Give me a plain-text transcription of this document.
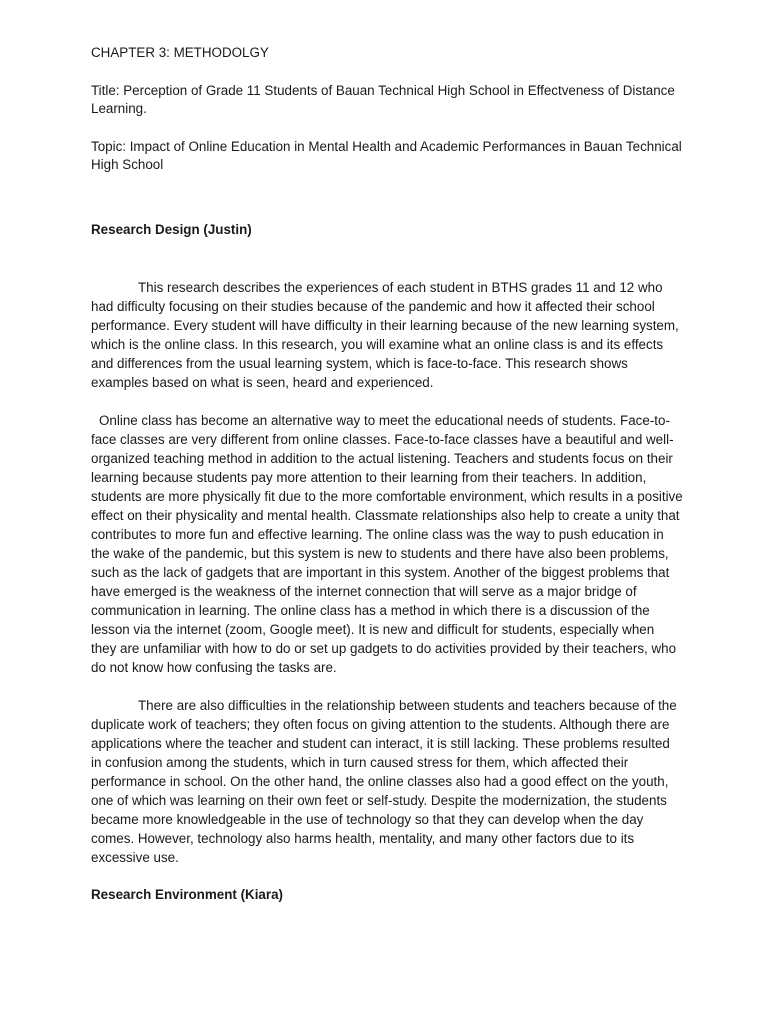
CHAPTER 3: METHODOLGY

Title: Perception of Grade 11 Students of Bauan Technical High School in Effectveness of Distance Learning.

Topic: Impact of Online Education in Mental Health and Academic Performances in Bauan Technical High School

Research Design (Justin)

This research describes the experiences of each student in BTHS grades 11 and 12 who had difficulty focusing on their studies because of the pandemic and how it affected their school performance. Every student will have difficulty in their learning because of the new learning system, which is the online class. In this research, you will examine what an online class is and its effects and differences from the usual learning system, which is face-to-face. This research shows examples based on what is seen, heard and experienced.

Online class has become an alternative way to meet the educational needs of students. Face-to-face classes are very different from online classes. Face-to-face classes have a beautiful and well-organized teaching method in addition to the actual listening. Teachers and students focus on their learning because students pay more attention to their learning from their teachers. In addition, students are more physically fit due to the more comfortable environment, which results in a positive effect on their physicality and mental health. Classmate relationships also help to create a unity that contributes to more fun and effective learning. The online class was the way to push education in the wake of the pandemic, but this system is new to students and there have also been problems, such as the lack of gadgets that are important in this system. Another of the biggest problems that have emerged is the weakness of the internet connection that will serve as a major bridge of communication in learning. The online class has a method in which there is a discussion of the lesson via the internet (zoom, Google meet). It is new and difficult for students, especially when they are unfamiliar with how to do or set up gadgets to do activities provided by their teachers, who do not know how confusing the tasks are.

There are also difficulties in the relationship between students and teachers because of the duplicate work of teachers; they often focus on giving attention to the students. Although there are applications where the teacher and student can interact, it is still lacking. These problems resulted in confusion among the students, which in turn caused stress for them, which affected their performance in school. On the other hand, the online classes also had a good effect on the youth, one of which was learning on their own feet or self-study. Despite the modernization, the students became more knowledgeable in the use of technology so that they can develop when the day comes. However, technology also harms health, mentality, and many other factors due to its excessive use.

Research Environment (Kiara)
